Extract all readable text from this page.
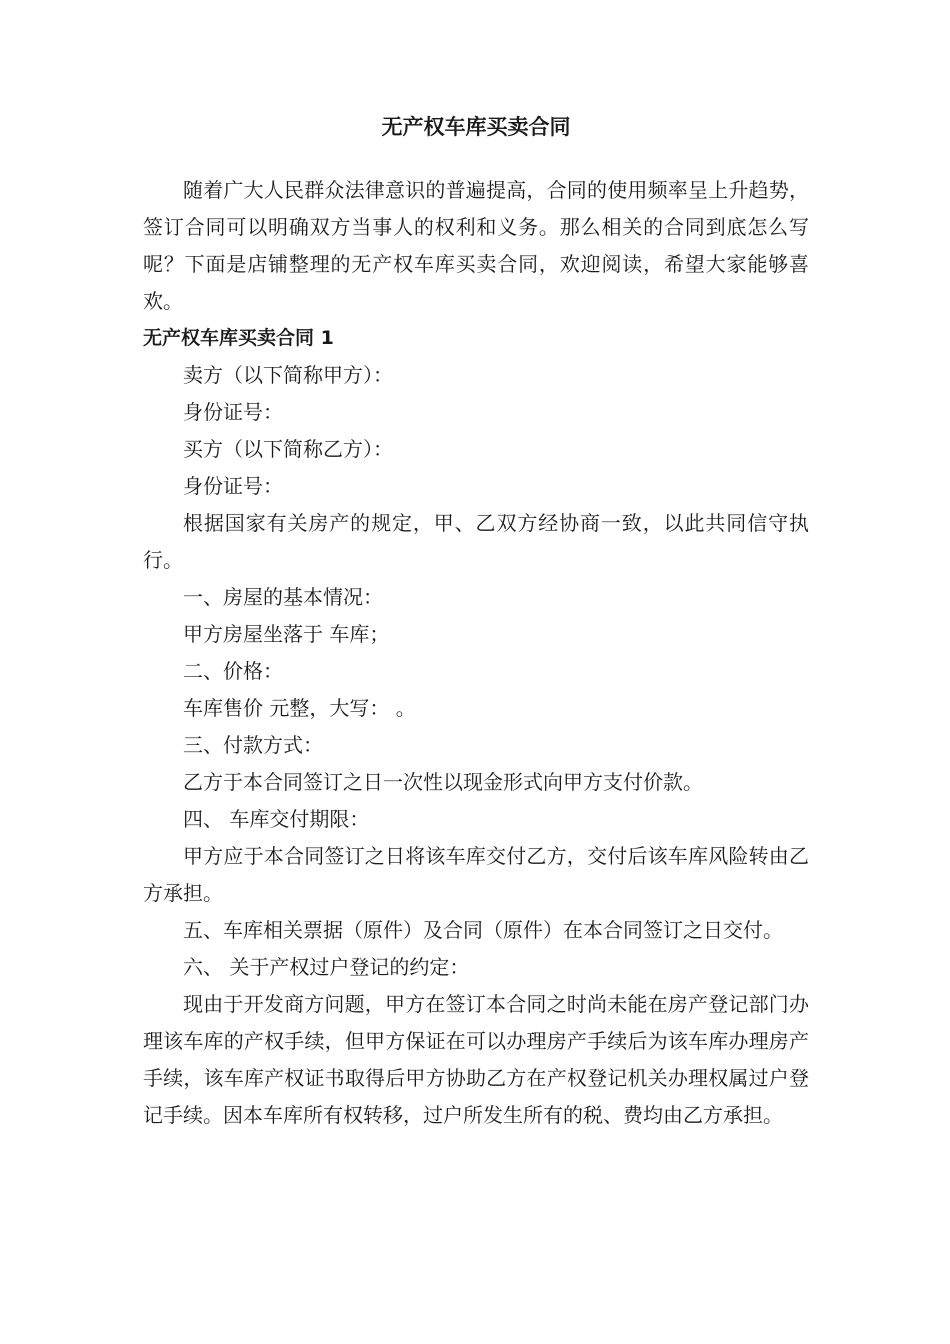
无产权车库买卖合同

随着广大人民群众法律意识的普遍提高，合同的使用频率呈上升趋势，签订合同可以明确双方当事人的权利和义务。那么相关的合同到底怎么写呢？下面是店铺整理的无产权车库买卖合同，欢迎阅读，希望大家能够喜欢。

无产权车库买卖合同 1

卖方（以下简称甲方）：

身份证号：

买方（以下简称乙方）：

身份证号：

根据国家有关房产的规定，甲、乙双方经协商一致，以此共同信守执行。

一、房屋的基本情况：

甲方房屋坐落于 车库；

二、价格：

车库售价 元整，大写： 。

三、付款方式：

乙方于本合同签订之日一次性以现金形式向甲方支付价款。

四、 车库交付期限：

甲方应于本合同签订之日将该车库交付乙方，交付后该车库风险转由乙方承担。

五、车库相关票据（原件）及合同（原件）在本合同签订之日交付。

六、 关于产权过户登记的约定：

现由于开发商方问题，甲方在签订本合同之时尚未能在房产登记部门办理该车库的产权手续，但甲方保证在可以办理房产手续后为该车库办理房产手续，该车库产权证书取得后甲方协助乙方在产权登记机关办理权属过户登记手续。因本车库所有权转移，过户所发生所有的税、费均由乙方承担。
